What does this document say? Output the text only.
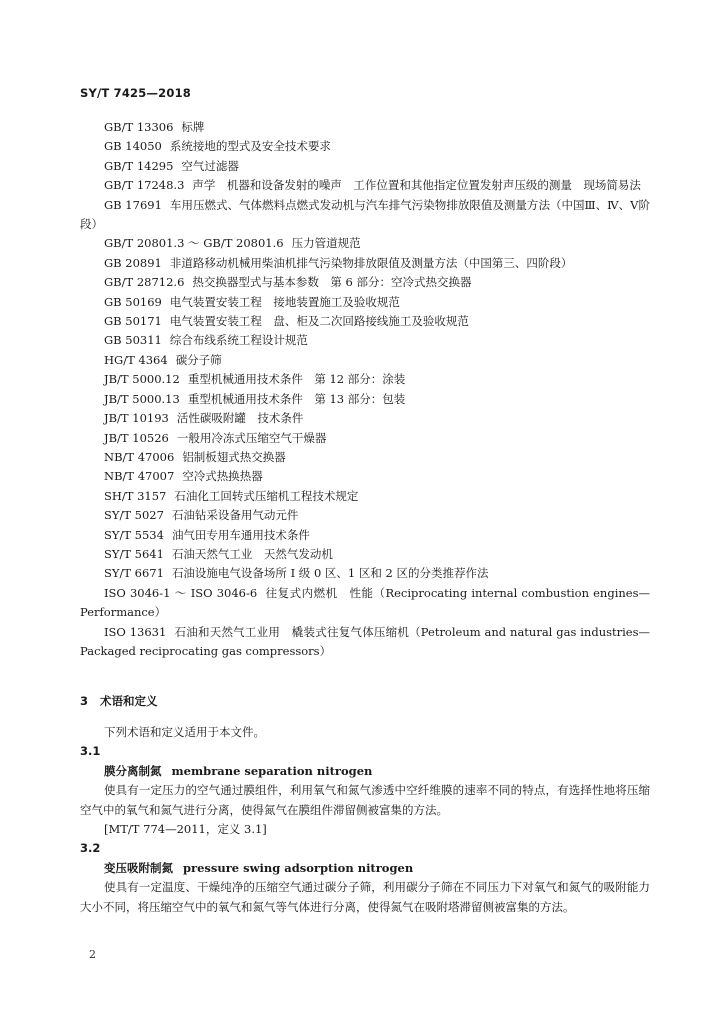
SY/T 7425—2018
GB/T 13306 标牌
GB 14050 系统接地的型式及安全技术要求
GB/T 14295 空气过滤器
GB/T 17248.3 声学　机器和设备发射的噪声　工作位置和其他指定位置发射声压级的测量　现场简易法
GB 17691 车用压燃式、气体燃料点燃式发动机与汽车排气污染物排放限值及测量方法（中国Ⅲ、Ⅳ、Ⅴ阶段）
GB/T 20801.3 ～ GB/T 20801.6 压力管道规范
GB 20891 非道路移动机械用柴油机排气污染物排放限值及测量方法（中国第三、四阶段）
GB/T 28712.6 热交换器型式与基本参数　第 6 部分：空冷式热交换器
GB 50169 电气装置安装工程　接地装置施工及验收规范
GB 50171 电气装置安装工程　盘、柜及二次回路接线施工及验收规范
GB 50311 综合布线系统工程设计规范
HG/T 4364 碳分子筛
JB/T 5000.12 重型机械通用技术条件　第 12 部分：涂装
JB/T 5000.13 重型机械通用技术条件　第 13 部分：包装
JB/T 10193 活性碳吸附罐　技术条件
JB/T 10526 一般用冷冻式压缩空气干燥器
NB/T 47006 铝制板翅式热交换器
NB/T 47007 空冷式热换热器
SH/T 3157 石油化工回转式压缩机工程技术规定
SY/T 5027 石油钻采设备用气动元件
SY/T 5534 油气田专用车通用技术条件
SY/T 5641 石油天然气工业　天然气发动机
SY/T 6671 石油设施电气设备场所 Ⅰ 级 0 区、1 区和 2 区的分类推荐作法
ISO 3046-1 ～ ISO 3046-6 往复式内燃机　性能（Reciprocating internal combustion engines—Performance）
ISO 13631 石油和天然气工业用　橇装式往复气体压缩机（Petroleum and natural gas industries—Packaged reciprocating gas compressors）
3 术语和定义
下列术语和定义适用于本文件。
3.1
膜分离制氮 membrane separation nitrogen
使具有一定压力的空气通过膜组件，利用氧气和氮气渗透中空纤维膜的速率不同的特点，有选择性地将压缩空气中的氧气和氮气进行分离，使得氮气在膜组件滞留侧被富集的方法。
[MT/T 774—2011，定义 3.1]
3.2
变压吸附制氮 pressure swing adsorption nitrogen
使具有一定温度、干燥纯净的压缩空气通过碳分子筛，利用碳分子筛在不同压力下对氧气和氮气的吸附能力大小不同，将压缩空气中的氧气和氮气等气体进行分离，使得氮气在吸附塔滞留侧被富集的方法。
2
